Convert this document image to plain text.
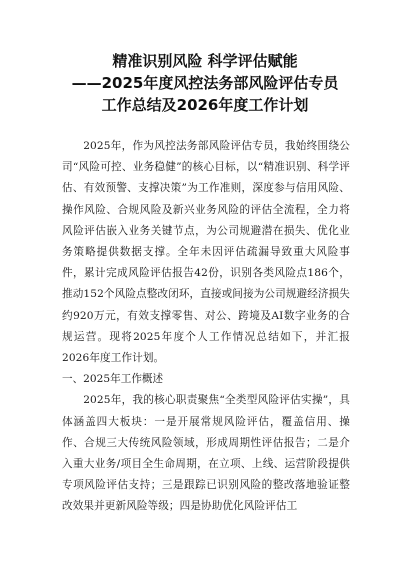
精准识别风险 科学评估赋能
——2025年度风控法务部风险评估专员
工作总结及2026年度工作计划

2025年，作为风控法务部风险评估专员，我始终围绕公司“风险可控、业务稳健”的核心目标，以“精准识别、科学评估、有效预警、支撑决策”为工作准则，深度参与信用风险、操作风险、合规风险及新兴业务风险的评估全流程，全力将风险评估嵌入业务关键节点，为公司规避潜在损失、优化业务策略提供数据支撑。全年未因评估疏漏导致重大风险事件，累计完成风险评估报告42份，识别各类风险点186个，推动152个风险点整改闭环，直接或间接为公司规避经济损失约920万元，有效支撑零售、对公、跨境及AI数字业务的合规运营。现将2025年度个人工作情况总结如下，并汇报2026年度工作计划。

一、2025年工作概述

2025年，我的核心职责聚焦“全类型风险评估实操”，具体涵盖四大板块：一是开展常规风险评估，覆盖信用、操作、合规三大传统风险领域，形成周期性评估报告；二是介入重大业务/项目全生命周期，在立项、上线、运营阶段提供专项风险评估支持；三是跟踪已识别风险的整改落地验证整改效果并更新风险等级；四是协助优化风险评估工
